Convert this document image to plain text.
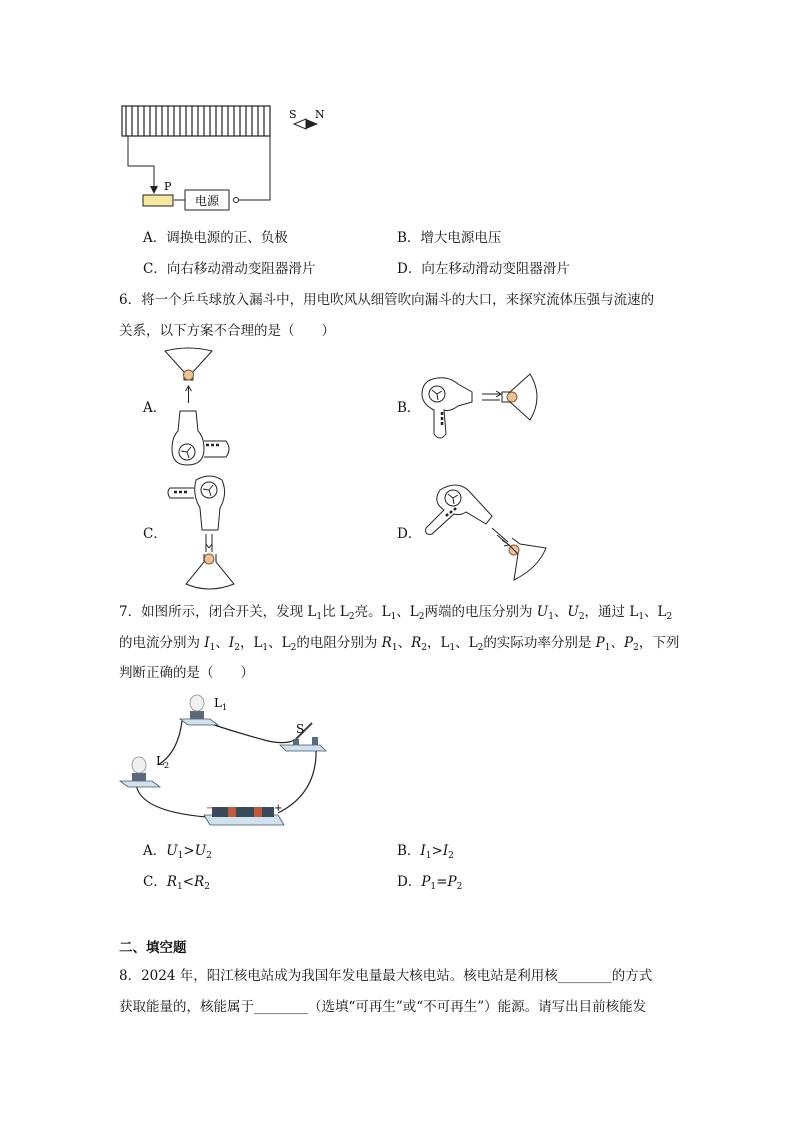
P
电源
S N
A．调换电源的正、负极	B．增大电源电压
C．向右移动滑动变阻器滑片	D．向左移动滑动变阻器滑片
6．将一个乒乓球放入漏斗中，用电吹风从细管吹向漏斗的大口，来探究流体压强与流速的
关系，以下方案不合理的是（　　）
A．	B．
C．	D．
7．如图所示，闭合开关，发现 $L_1$比 $L_2$亮。$L_1$、$L_2$两端的电压分别为 $U_1$、$U_2$，通过 $L_1$、$L_2$
的电流分别为 $I_1$、$I_2$，$L_1$、$L_2$的电阻分别为 $R_1$、$R_2$，$L_1$、$L_2$的实际功率分别是 $P_1$、$P_2$，下列
判断正确的是（　　）
$L_1$
$L_2$
S
−	+
A．$U_1>U_2$	B．$I_1>I_2$
C．$R_1<R_2$	D．$P_1=P_2$
二、填空题
8．2024 年，阳江核电站成为我国年发电量最大核电站。核电站是利用核________的方式
获取能量的，核能属于________（选填“可再生”或“不可再生”）能源。请写出目前核能发
